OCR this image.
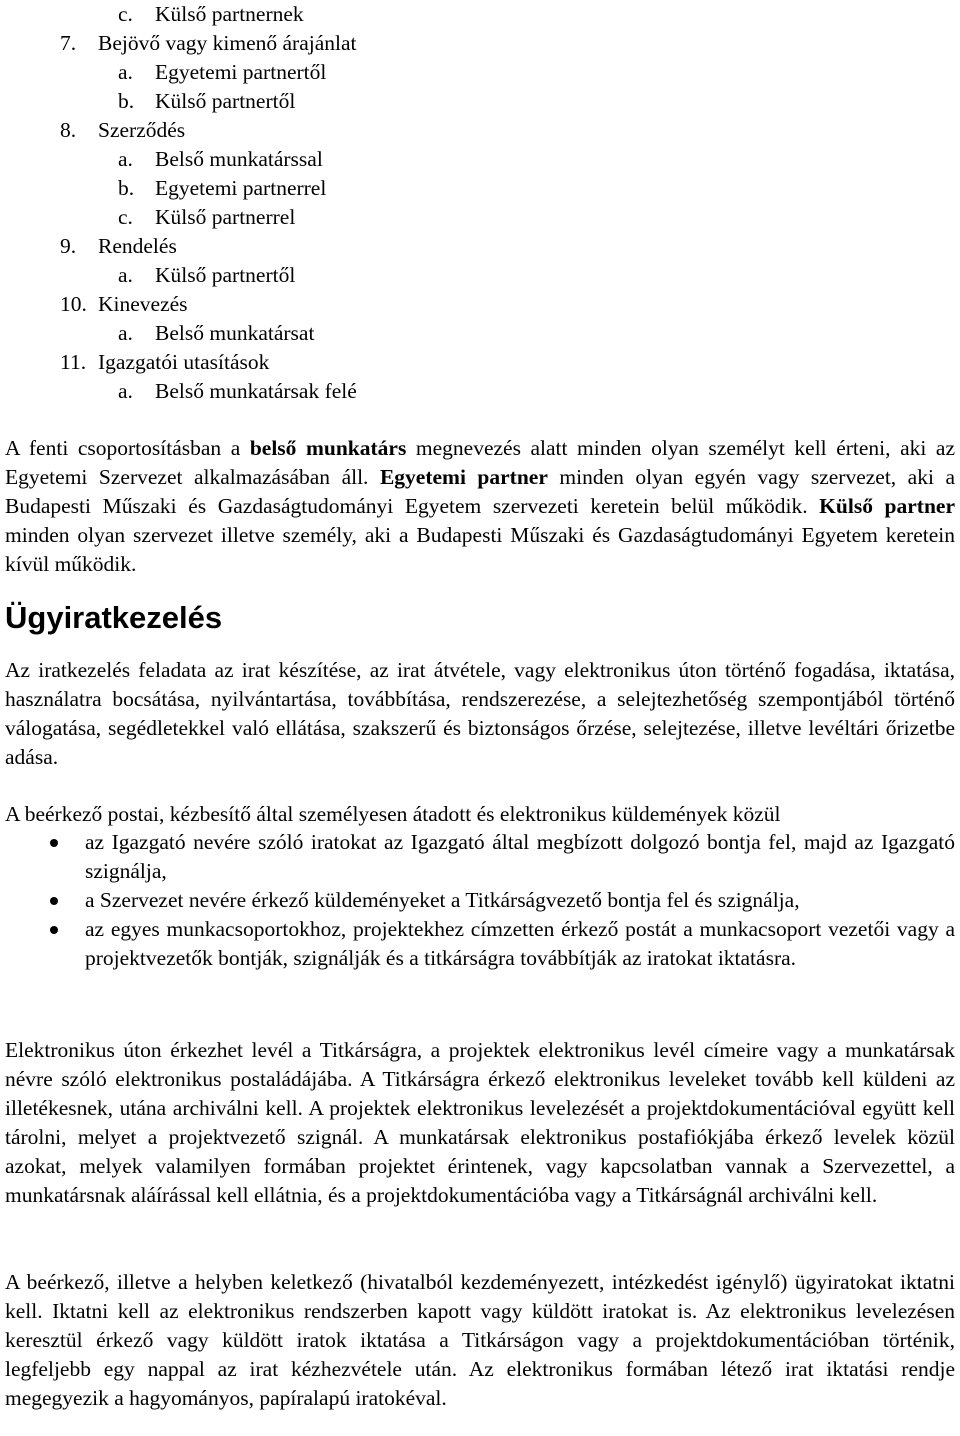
c. Külső partnernek
7. Bejövő vagy kimenő árajánlat
a. Egyetemi partnertől
b. Külső partnertől
8. Szerződés
a. Belső munkatárssal
b. Egyetemi partnerrel
c. Külső partnerrel
9. Rendelés
a. Külső partnertől
10. Kinevezés
a. Belső munkatársat
11. Igazgatói utasítások
a. Belső munkatársak felé

A fenti csoportosításban a belső munkatárs megnevezés alatt minden olyan személyt kell érteni, aki az Egyetemi Szervezet alkalmazásában áll. Egyetemi partner minden olyan egyén vagy szervezet, aki a Budapesti Műszaki és Gazdaságtudományi Egyetem szervezeti keretein belül működik. Külső partner minden olyan szervezet illetve személy, aki a Budapesti Műszaki és Gazdaságtudományi Egyetem keretein kívül működik.

Ügyiratkezelés

Az iratkezelés feladata az irat készítése, az irat átvétele, vagy elektronikus úton történő fogadása, iktatása, használatra bocsátása, nyilvántartása, továbbítása, rendszerezése, a selejtezhetőség szempontjából történő válogatása, segédletekkel való ellátása, szakszerű és biztonságos őrzése, selejtezése, illetve levéltári őrizetbe adása.

A beérkező postai, kézbesítő által személyesen átadott és elektronikus küldemények közül

az Igazgató nevére szóló iratokat az Igazgató által megbízott dolgozó bontja fel, majd az Igazgató szignálja,
a Szervezet nevére érkező küldeményeket a Titkárságvezető bontja fel és szignálja,
az egyes munkacsoportokhoz, projektekhez címzetten érkező postát a munkacsoport vezetői vagy a projektvezetők bontják, szignálják és a titkárságra továbbítják az iratokat iktatásra.

Elektronikus úton érkezhet levél a Titkárságra, a projektek elektronikus levél címeire vagy a munkatársak névre szóló elektronikus postaládájába. A Titkárságra érkező elektronikus leveleket tovább kell küldeni az illetékesnek, utána archiválni kell. A projektek elektronikus levelezését a projektdokumentációval együtt kell tárolni, melyet a projektvezető szignál. A munkatársak elektronikus postafiókjába érkező levelek közül azokat, melyek valamilyen formában projektet érintenek, vagy kapcsolatban vannak a Szervezettel, a munkatársnak aláírással kell ellátnia, és a projektdokumentációba vagy a Titkárságnál archiválni kell.

A beérkező, illetve a helyben keletkező (hivatalból kezdeményezett, intézkedést igénylő) ügyiratokat iktatni kell. Iktatni kell az elektronikus rendszerben kapott vagy küldött iratokat is. Az elektronikus levelezésen keresztül érkező vagy küldött iratok iktatása a Titkárságon vagy a projektdokumentációban történik, legfeljebb egy nappal az irat kézhezvétele után. Az elektronikus formában létező irat iktatási rendje megegyezik a hagyományos, papíralapú iratokéval.
